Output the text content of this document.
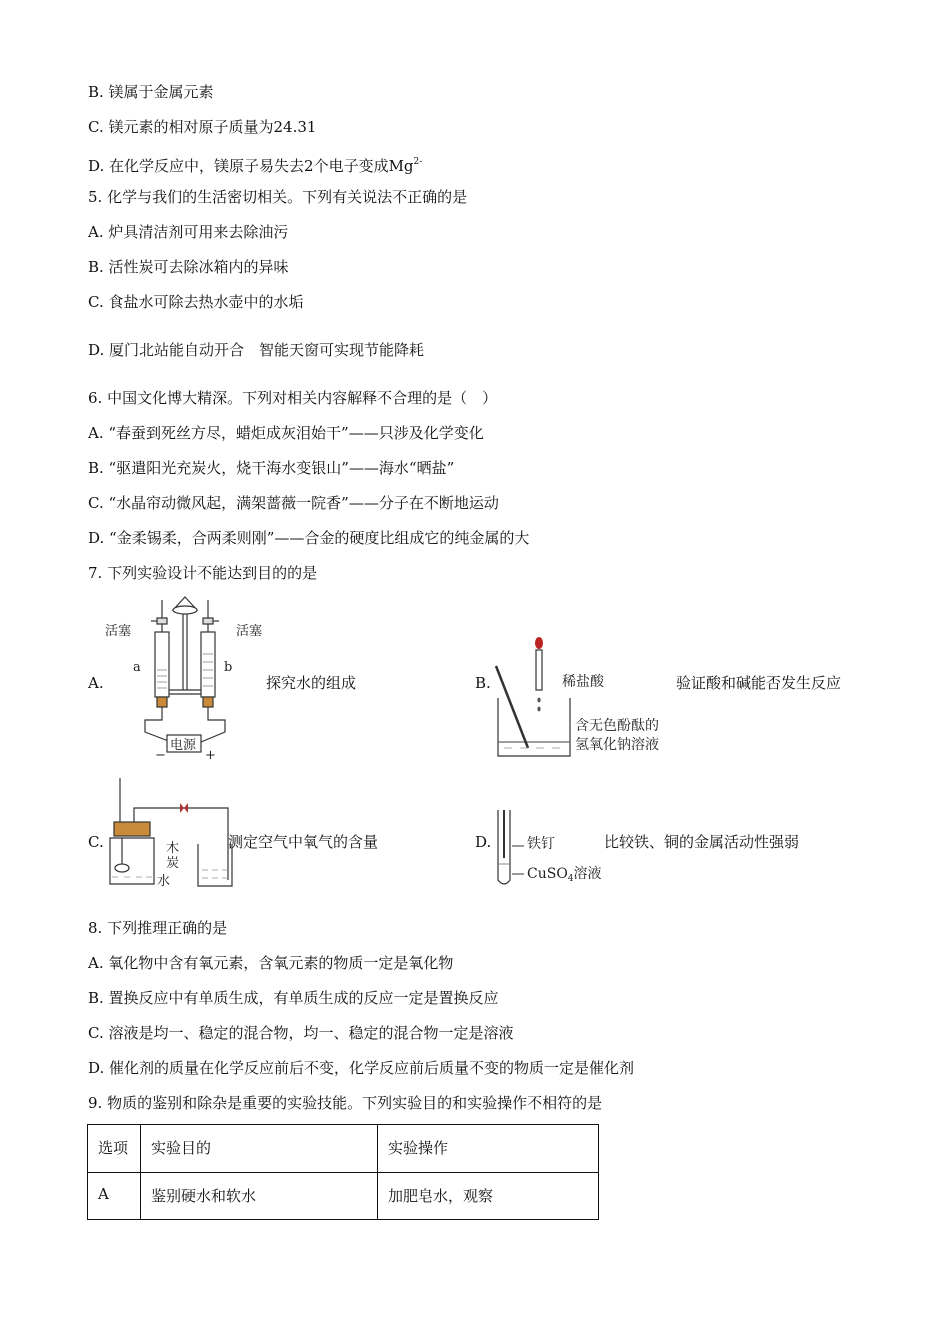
B. 镁属于金属元素
C. 镁元素的相对原子质量为24.31
D. 在化学反应中，镁原子易失去2个电子变成$Mg^{2-}$
5. 化学与我们的生活密切相关。下列有关说法不正确的是
A. 炉具清洁剂可用来去除油污
B. 活性炭可去除冰箱内的异味
C. 食盐水可除去热水壶中的水垢
D. 厦门北站能自动开合　智能天窗可实现节能降耗
6. 中国文化博大精深。下列对相关内容解释不合理的是（　）
A. “春蚕到死丝方尽，蜡炬成灰泪始干”——只涉及化学变化
B. “驱遣阳光充炭火，烧干海水变银山”——海水“晒盐”
C. “水晶帘动微风起，满架蔷薇一院香”——分子在不断地运动
D. “金柔锡柔，合两柔则刚”——合金的硬度比组成它的纯金属的大
7. 下列实验设计不能达到目的的是
A.
活塞	活塞
a	b
电源
−	+
探究水的组成	B.	稀盐酸
含无色酚酞的
氢氧化钠溶液
验证酸和碱能否发生反应
C.	木
炭
水
测定空气中氧气的含量	D.	铁钉
CuSO$_4$溶液
比较铁、铜的金属活动性强弱
8. 下列推理正确的是
A. 氧化物中含有氧元素，含氧元素的物质一定是氧化物
B. 置换反应中有单质生成，有单质生成的反应一定是置换反应
C. 溶液是均一、稳定的混合物，均一、稳定的混合物一定是溶液
D. 催化剂的质量在化学反应前后不变，化学反应前后质量不变的物质一定是催化剂
9. 物质的鉴别和除杂是重要的实验技能。下列实验目的和实验操作不相符的是
选项	实验目的	实验操作

A	鉴别硬水和软水	加肥皂水，观察
